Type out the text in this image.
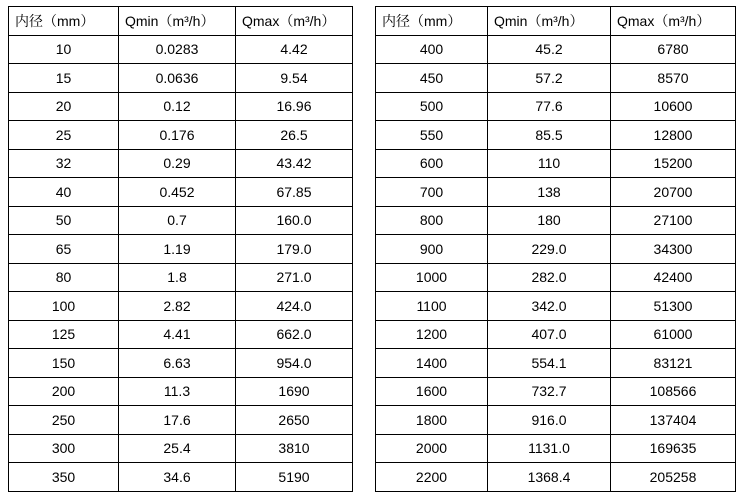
内径（mm）	Qmin（m³/h）	Qmax（m³/h）
10	0.0283	4.42
15	0.0636	9.54
20	0.12	16.96
25	0.176	26.5
32	0.29	43.42
40	0.452	67.85
50	0.7	160.0
65	1.19	179.0
80	1.8	271.0
100	2.82	424.0
125	4.41	662.0
150	6.63	954.0
200	11.3	1690
250	17.6	2650
300	25.4	3810
350	34.6	5190
内径（mm）	Qmin（m³/h）	Qmax（m³/h）
400	45.2	6780
450	57.2	8570
500	77.6	10600
550	85.5	12800
600	110	15200
700	138	20700
800	180	27100
900	229.0	34300
1000	282.0	42400
1100	342.0	51300
1200	407.0	61000
1400	554.1	83121
1600	732.7	108566
1800	916.0	137404
2000	1131.0	169635
2200	1368.4	205258
